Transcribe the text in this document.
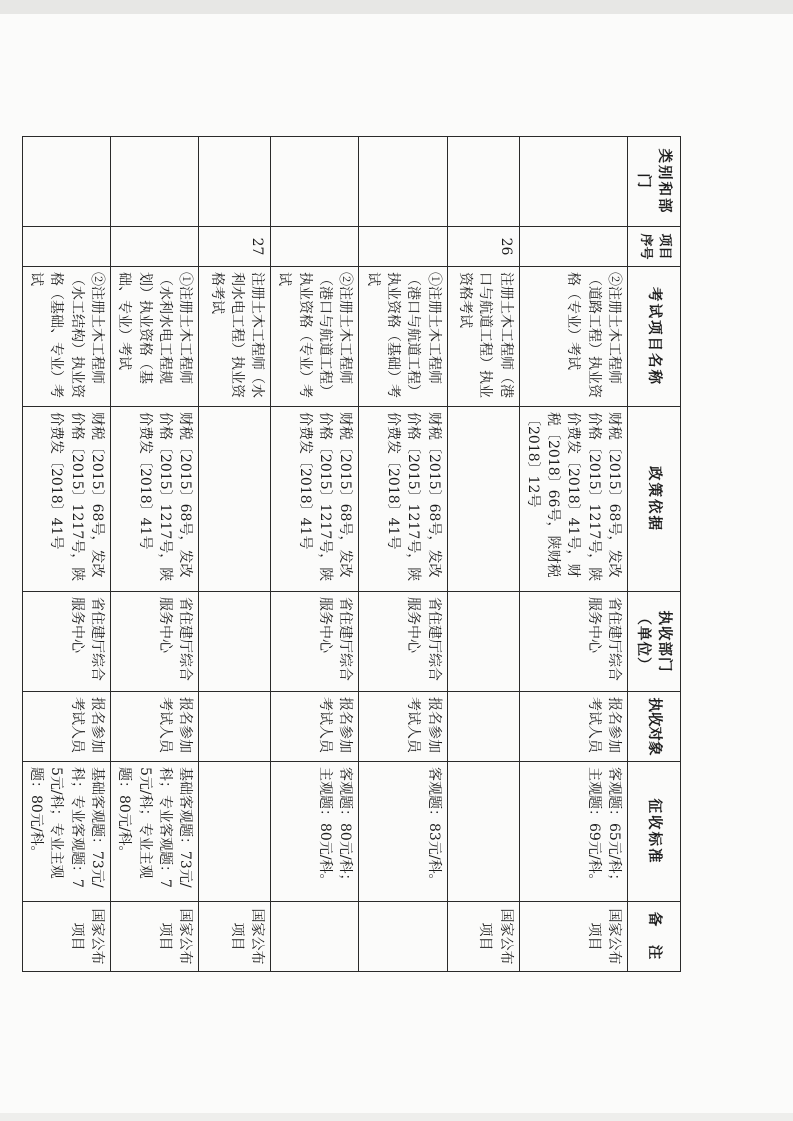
类别和部门	项目序号	考试项目名称	政策依据	执收部门（单位）	执收对象	征收标准	备　注
		②注册土木工程师（道路工程）执业资格（专业）考试	财税〔2015〕68号，发改价格〔2015〕1217号，陕价费发〔2018〕41号，财税〔2018〕66号，陕财税〔2018〕12号	省住建厅综合服务中心	报名参加考试人员	客观题：65元/科；主观题：69元/科。	国家公布项目
	26	注册土木工程师（港口与航道工程）执业资格考试					国家公布项目
		①注册土木工程师（港口与航道工程）执业资格（基础）考试	财税〔2015〕68号，发改价格〔2015〕1217号，陕价费发〔2018〕41号	省住建厅综合服务中心	报名参加考试人员	客观题：83元/科。	
		②注册土木工程师（港口与航道工程）执业资格（专业）考试	财税〔2015〕68号，发改价格〔2015〕1217号，陕价费发〔2018〕41号	省住建厅综合服务中心	报名参加考试人员	客观题：80元/科；主观题：80元/科。	
	27	注册土木工程师（水利水电工程）执业资格考试					国家公布项目
		①注册土木工程师（水利水电工程规划）执业资格（基础、专业）考试	财税〔2015〕68号，发改价格〔2015〕1217号，陕价费发〔2018〕41号	省住建厅综合服务中心	报名参加考试人员	基础客观题：73元/科；专业客观题：75元/科；专业主观题：80元/科。	国家公布项目
		②注册土木工程师（水工结构）执业资格（基础、专业）考试	财税〔2015〕68号，发改价格〔2015〕1217号，陕价费发〔2018〕41号	省住建厅综合服务中心	报名参加考试人员	基础客观题：73元/科；专业客观题：75元/科；专业主观题：80元/科。	国家公布项目
